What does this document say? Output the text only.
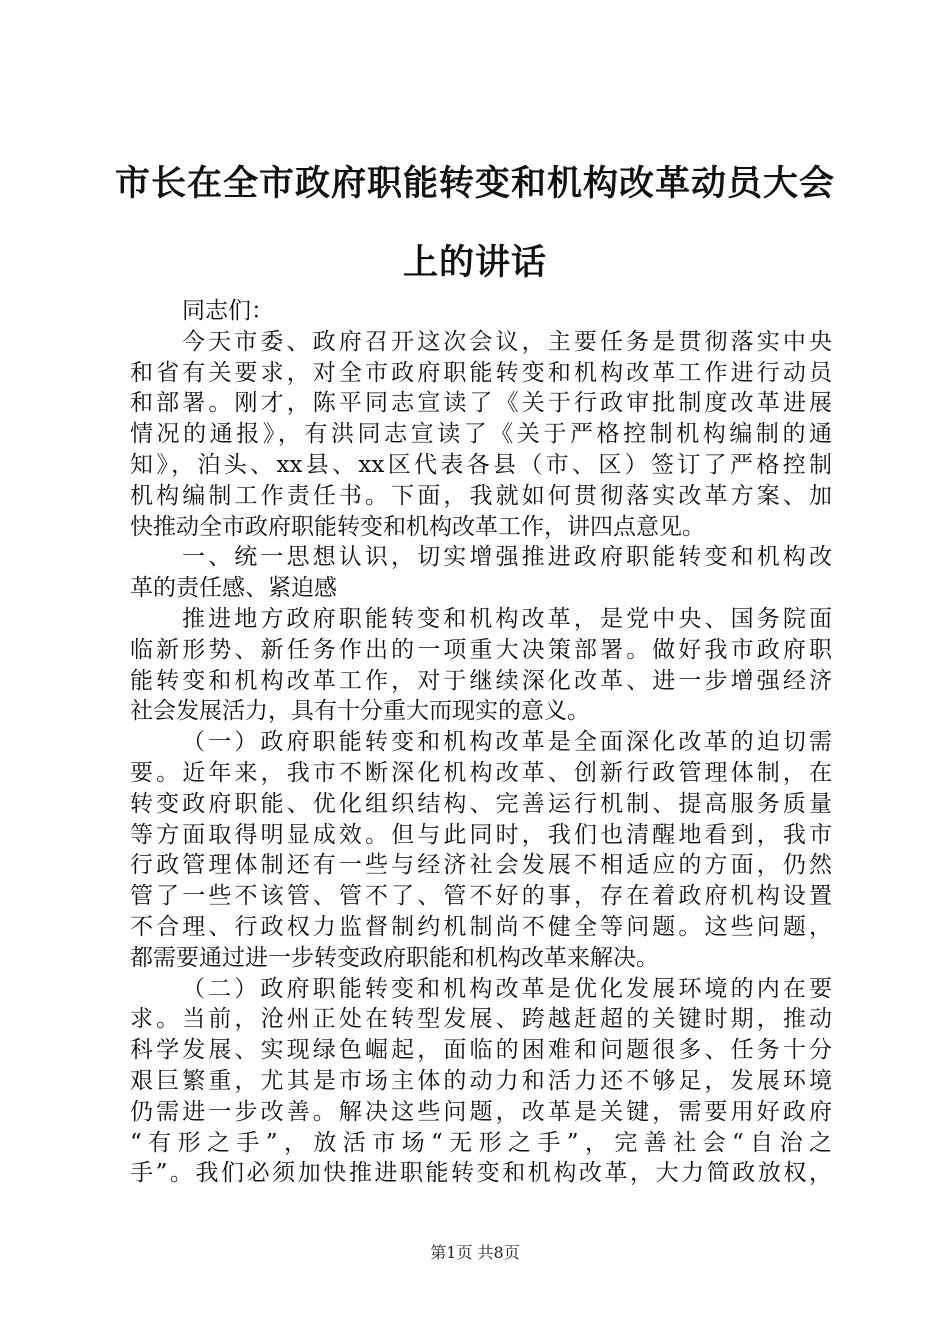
市长在全市政府职能转变和机构改革动员大会
上的讲话
同志们：
今天市委、政府召开这次会议，主要任务是贯彻落实中央
和省有关要求，对全市政府职能转变和机构改革工作进行动员
和部署。刚才，陈平同志宣读了《关于行政审批制度改革进展
情况的通报》，有洪同志宣读了《关于严格控制机构编制的通
知》，泊头、xx县、xx区代表各县（市、区）签订了严格控制
机构编制工作责任书。下面，我就如何贯彻落实改革方案、加
快推动全市政府职能转变和机构改革工作，讲四点意见。
一、统一思想认识，切实增强推进政府职能转变和机构改
革的责任感、紧迫感
推进地方政府职能转变和机构改革，是党中央、国务院面
临新形势、新任务作出的一项重大决策部署。做好我市政府职
能转变和机构改革工作，对于继续深化改革、进一步增强经济
社会发展活力，具有十分重大而现实的意义。
（一）政府职能转变和机构改革是全面深化改革的迫切需
要。近年来，我市不断深化机构改革、创新行政管理体制，在
转变政府职能、优化组织结构、完善运行机制、提高服务质量
等方面取得明显成效。但与此同时，我们也清醒地看到，我市
行政管理体制还有一些与经济社会发展不相适应的方面，仍然
管了一些不该管、管不了、管不好的事，存在着政府机构设置
不合理、行政权力监督制约机制尚不健全等问题。这些问题，
都需要通过进一步转变政府职能和机构改革来解决。
（二）政府职能转变和机构改革是优化发展环境的内在要
求。当前，沧州正处在转型发展、跨越赶超的关键时期，推动
科学发展、实现绿色崛起，面临的困难和问题很多、任务十分
艰巨繁重，尤其是市场主体的动力和活力还不够足，发展环境
仍需进一步改善。解决这些问题，改革是关键，需要用好政府
“有形之手”，放活市场“无形之手”，完善社会“自治之
手”。我们必须加快推进职能转变和机构改革，大力简政放权，
第1页 共8页
